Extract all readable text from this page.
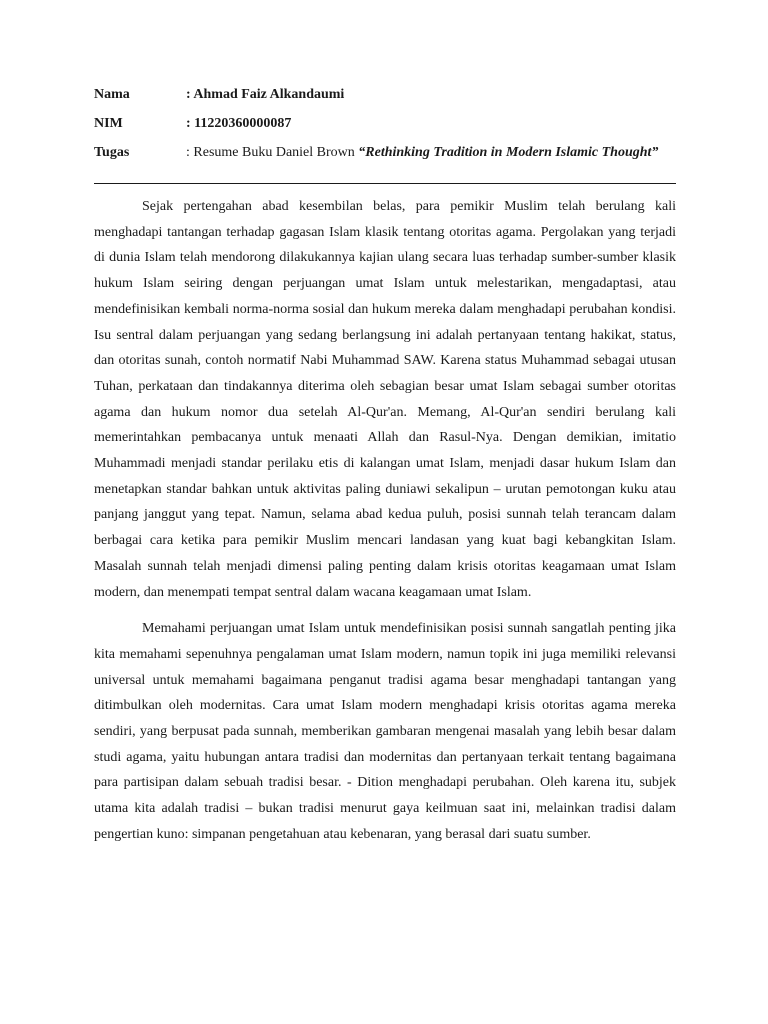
Nama	: Ahmad Faiz Alkandaumi
NIM	: 11220360000087
Tugas	: Resume Buku Daniel Brown “Rethinking Tradition in Modern Islamic Thought”

Sejak pertengahan abad kesembilan belas, para pemikir Muslim telah berulang kali menghadapi tantangan terhadap gagasan Islam klasik tentang otoritas agama. Pergolakan yang terjadi di dunia Islam telah mendorong dilakukannya kajian ulang secara luas terhadap sumber-sumber klasik hukum Islam seiring dengan perjuangan umat Islam untuk melestarikan, mengadaptasi, atau mendefinisikan kembali norma-norma sosial dan hukum mereka dalam menghadapi perubahan kondisi. Isu sentral dalam perjuangan yang sedang berlangsung ini adalah pertanyaan tentang hakikat, status, dan otoritas sunah, contoh normatif Nabi Muhammad SAW. Karena status Muhammad sebagai utusan Tuhan, perkataan dan tindakannya diterima oleh sebagian besar umat Islam sebagai sumber otoritas agama dan hukum nomor dua setelah Al-Qur'an. Memang, Al-Qur'an sendiri berulang kali memerintahkan pembacanya untuk menaati Allah dan Rasul-Nya. Dengan demikian, imitatio Muhammadi menjadi standar perilaku etis di kalangan umat Islam, menjadi dasar hukum Islam dan menetapkan standar bahkan untuk aktivitas paling duniawi sekalipun – urutan pemotongan kuku atau panjang janggut yang tepat. Namun, selama abad kedua puluh, posisi sunnah telah terancam dalam berbagai cara ketika para pemikir Muslim mencari landasan yang kuat bagi kebangkitan Islam. Masalah sunnah telah menjadi dimensi paling penting dalam krisis otoritas keagamaan umat Islam modern, dan menempati tempat sentral dalam wacana keagamaan umat Islam.

Memahami perjuangan umat Islam untuk mendefinisikan posisi sunnah sangatlah penting jika kita memahami sepenuhnya pengalaman umat Islam modern, namun topik ini juga memiliki relevansi universal untuk memahami bagaimana penganut tradisi agama besar menghadapi tantangan yang ditimbulkan oleh modernitas. Cara umat Islam modern menghadapi krisis otoritas agama mereka sendiri, yang berpusat pada sunnah, memberikan gambaran mengenai masalah yang lebih besar dalam studi agama, yaitu hubungan antara tradisi dan modernitas dan pertanyaan terkait tentang bagaimana para partisipan dalam sebuah tradisi besar. - Dition menghadapi perubahan. Oleh karena itu, subjek utama kita adalah tradisi – bukan tradisi menurut gaya keilmuan saat ini, melainkan tradisi dalam pengertian kuno: simpanan pengetahuan atau kebenaran, yang berasal dari suatu sumber.
